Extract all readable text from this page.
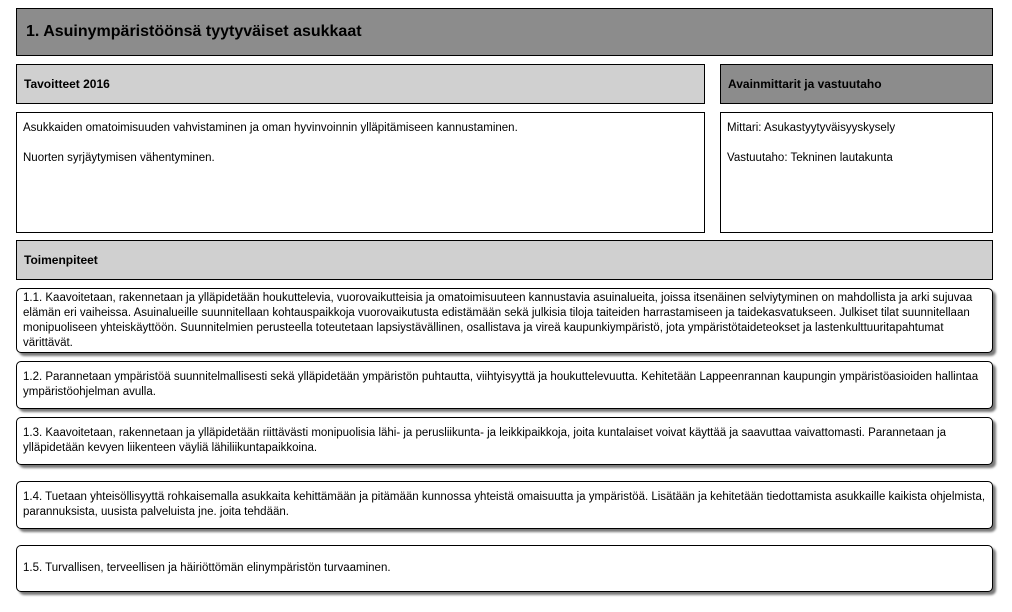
1. Asuinympäristöönsä tyytyväiset asukkaat
Tavoitteet 2016	Avainmittarit ja vastuutaho

Asukkaiden omatoimisuuden vahvistaminen ja oman hyvinvoinnin ylläpitämiseen kannustaminen.

Nuorten syrjäytymisen vähentyminen.

Mittari: Asukastyytyväisyyskysely

Vastuutaho: Tekninen lautakunta

Toimenpiteet
1.1. Kaavoitetaan, rakennetaan ja ylläpidetään houkuttelevia, vuorovaikutteisia ja omatoimisuuteen kannustavia asuinalueita, joissa itsenäinen selviytyminen on mahdollista ja arki sujuvaa elämän eri vaiheissa. Asuinalueille suunnitellaan kohtauspaikkoja vuorovaikutusta edistämään sekä julkisia tiloja taiteiden harrastamiseen ja taidekasvatukseen. Julkiset tilat suunnitellaan monipuoliseen yhteiskäyttöön. Suunnitelmien perusteella toteutetaan lapsiystävällinen, osallistava ja vireä kaupunkiympäristö, jota ympäristötaideteokset ja lastenkulttuuritapahtumat värittävät.
1.2. Parannetaan ympäristöä suunnitelmallisesti sekä ylläpidetään ympäristön puhtautta, viihtyisyyttä ja houkuttelevuutta. Kehitetään Lappeenrannan kaupungin ympäristöasioiden hallintaa ympäristöohjelman avulla.
1.3. Kaavoitetaan, rakennetaan ja ylläpidetään riittävästi monipuolisia lähi- ja perusliikunta- ja leikkipaikkoja, joita kuntalaiset voivat käyttää ja saavuttaa vaivattomasti. Parannetaan ja ylläpidetään kevyen liikenteen väyliä lähiliikuntapaikkoina.
1.4. Tuetaan yhteisöllisyyttä rohkaisemalla asukkaita kehittämään ja pitämään kunnossa yhteistä omaisuutta ja ympäristöä. Lisätään ja kehitetään tiedottamista asukkaille kaikista ohjelmista, parannuksista, uusista palveluista jne. joita tehdään.
1.5. Turvallisen, terveellisen ja häiriöttömän elinympäristön turvaaminen.
